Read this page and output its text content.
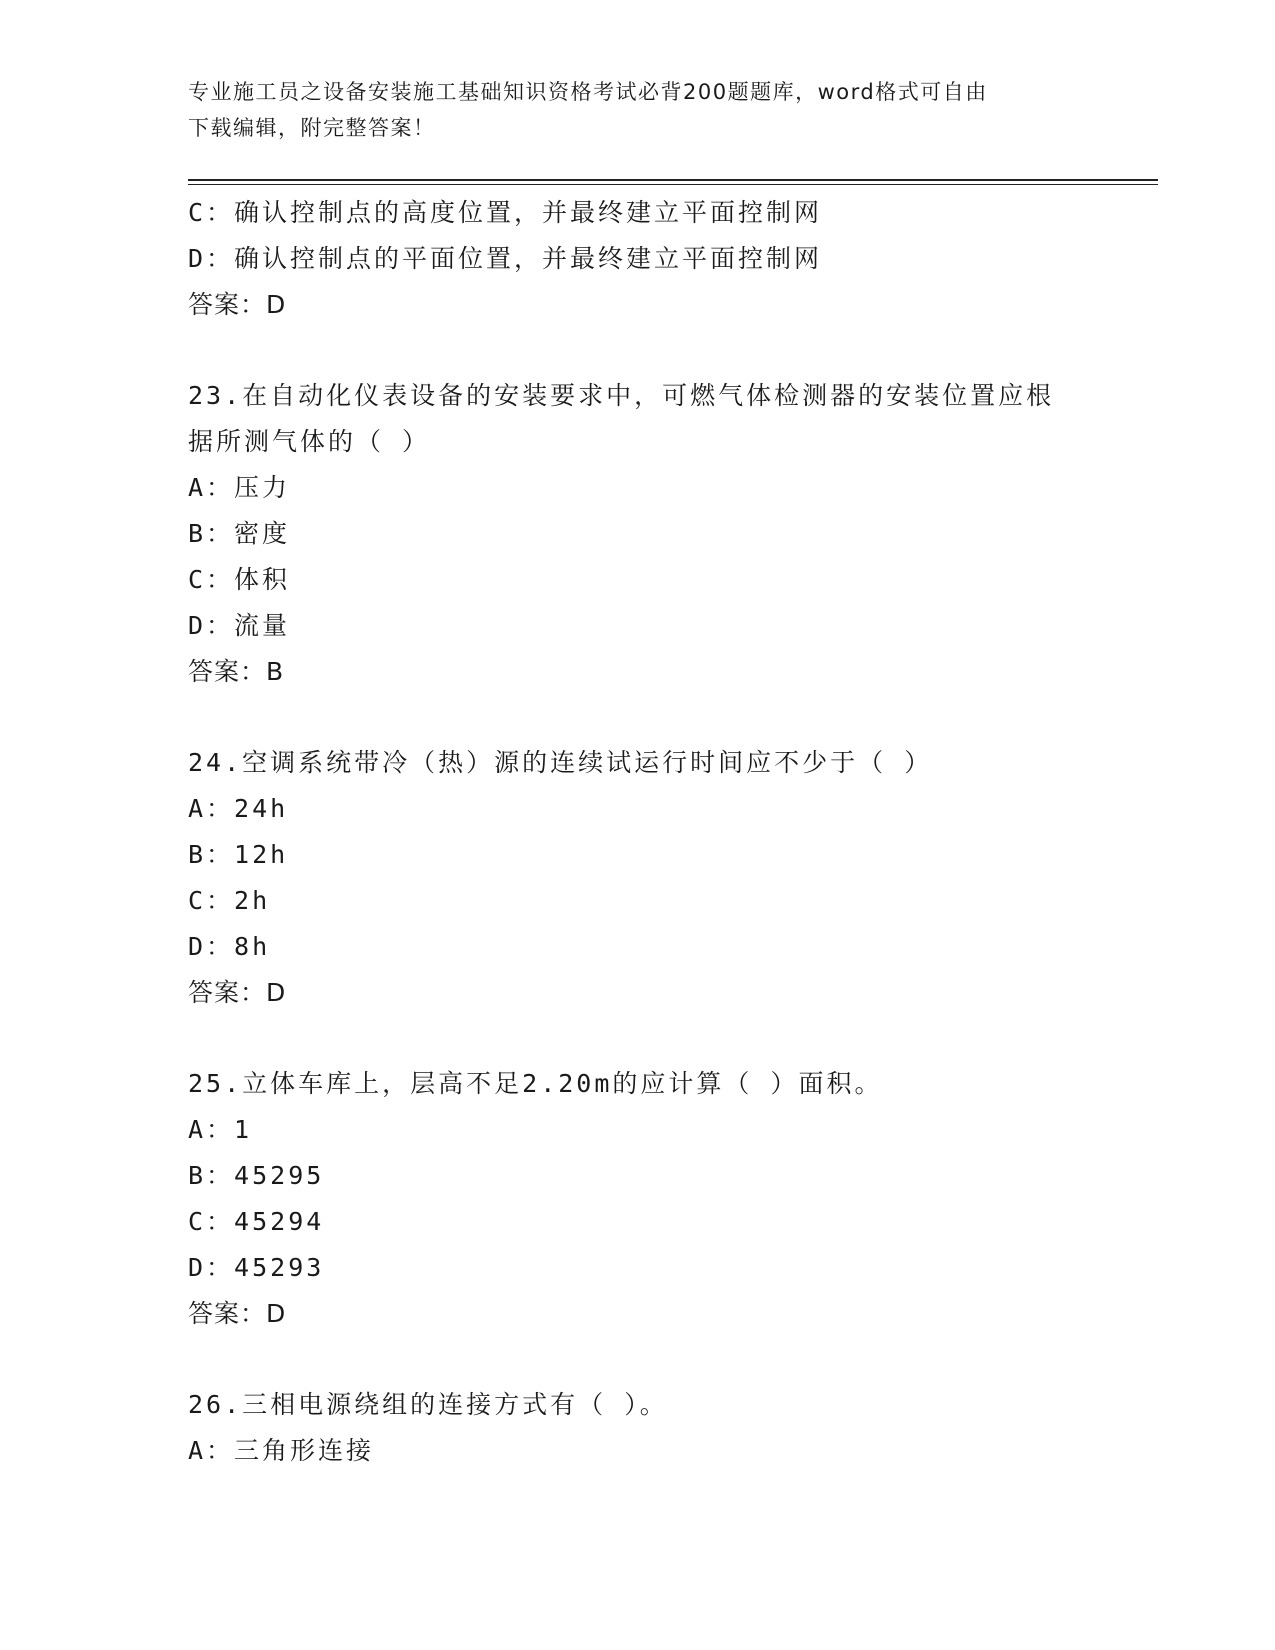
专业施工员之设备安装施工基础知识资格考试必背200题题库，word格式可自由
下载编辑，附完整答案！
C：确认控制点的高度位置，并最终建立平面控制网
D：确认控制点的平面位置，并最终建立平面控制网
答案：D
23.在自动化仪表设备的安装要求中，可燃气体检测器的安装位置应根
据所测气体的（ ）
A：压力
B：密度
C：体积
D：流量
答案：B
24.空调系统带冷（热）源的连续试运行时间应不少于（ ）
A：24h
B：12h
C：2h
D：8h
答案：D
25.立体车库上，层高不足2.20m的应计算（ ）面积。
A：1
B：45295
C：45294
D：45293
答案：D
26.三相电源绕组的连接方式有（ ）。
A：三角形连接
